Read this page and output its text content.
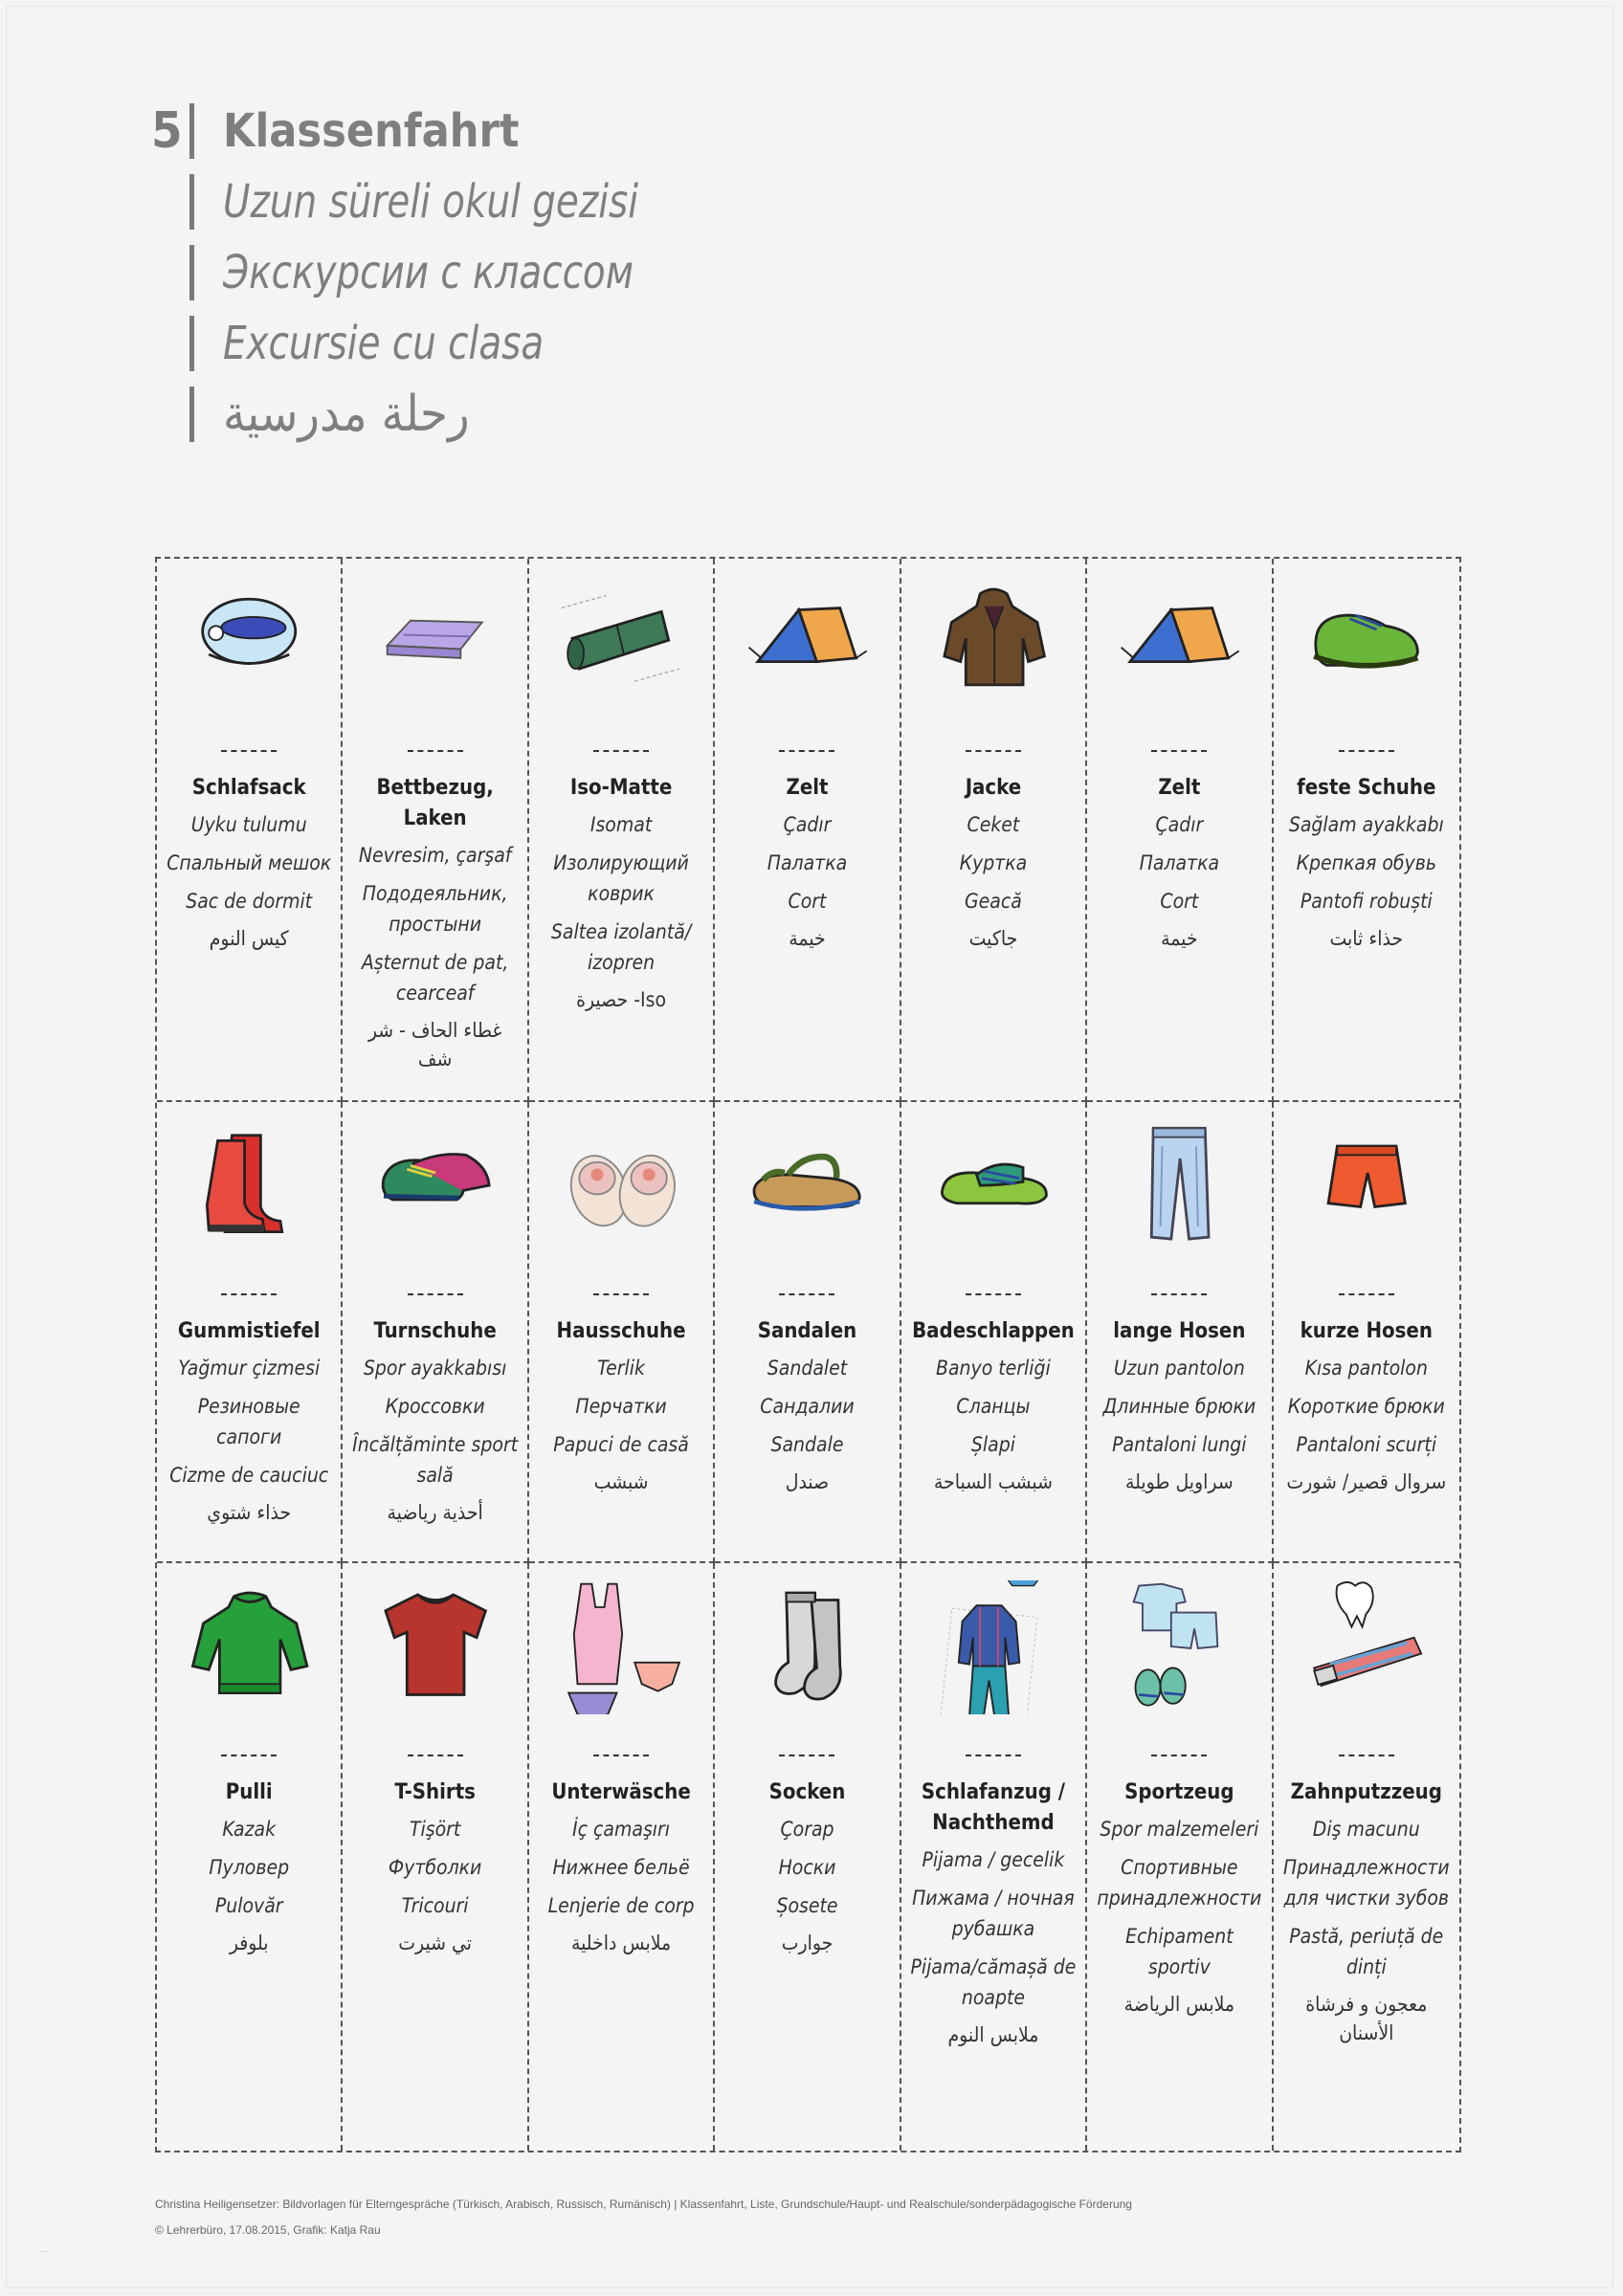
5 Klassenfahrt
Uzun süreli okul gezisi
Экскурсии с классом
Excursie cu clasa
رحلة مدرسية
Schlafsack
Uyku tulumu
Спальный мешок
Sac de dormit
كيس النوم
Bettbezug, Laken
Nevresim, çarşaf
Пододеяльник, простыни
Așternut de pat, cearceaf
غطاء الحاف - شر شف
Iso-Matte
Isomat
Изолирующий коврик
Saltea izolantă/ izopren
Iso- حصيرة
Zelt
Çadır
Палатка
Cort
خيمة
Jacke
Ceket
Куртка
Geacă
جاكيت
Zelt
Çadır
Палатка
Cort
خيمة
feste Schuhe
Sağlam ayakkabı
Крепкая обувь
Pantofi robuști
حذاء ثابت
Gummistiefel
Yağmur çizmesi
Резиновые сапоги
Cizme de cauciuc
حذاء شتوي
Turnschuhe
Spor ayakkabısı
Кроссовки
Încălțăminte sport sală
أحذية رياضية
Hausschuhe
Terlik
Перчатки
Papuci de casă
شبشب
Sandalen
Sandalet
Сандалии
Sandale
صندل
Badeschlappen
Banyo terliği
Сланцы
Șlapi
شبشب السباحة
lange Hosen
Uzun pantolon
Длинные брюки
Pantaloni lungi
سراويل طويلة
kurze Hosen
Kısa pantolon
Короткие брюки
Pantaloni scurți
سروال قصير/ شورت
Pulli
Kazak
Пуловер
Pulovăr
بلوفر
T-Shirts
Tişört
Футболки
Tricouri
تي شيرت
Unterwäsche
İç çamaşırı
Нижнее бельё
Lenjerie de corp
ملابس داخلية
Socken
Çorap
Носки
Șosete
جوارب
Schlafanzug / Nachthemd
Pijama / gecelik
Пижама / ночная рубашка
Pijama/cămașă de noapte
ملابس النوم
Sportzeug
Spor malzemeleri
Спортивные принадлежности
Echipament sportiv
ملابس الرياضة
Zahnputzzeug
Diş macunu
Принадлежности для чистки зубов
Pastă, periuță de dinți
معجون و فرشاة الأسنان
Christina Heiligensetzer: Bildvorlagen für Elterngespräche (Türkisch, Arabisch, Russisch, Rumänisch) | Klassenfahrt, Liste, Grundschule/Haupt- und Realschule/sonderpädagogische Förderung
© Lehrerbüro, 17.08.2015, Grafik: Katja Rau
·····
